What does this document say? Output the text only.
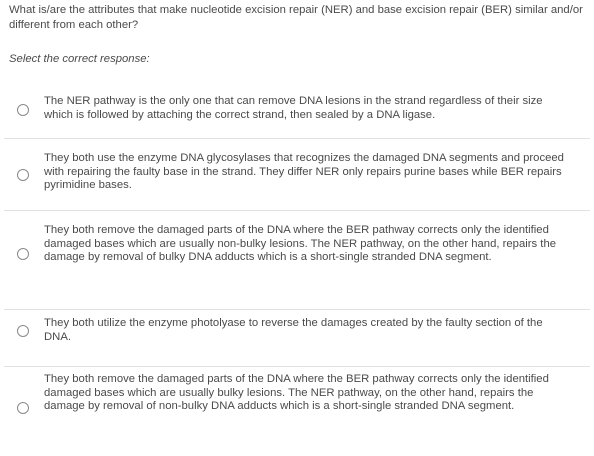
What is/are the attributes that make nucleotide excision repair (NER) and base excision repair (BER) similar and/or different from each other?
Select the correct response:
The NER pathway is the only one that can remove DNA lesions in the strand regardless of their size which is followed by attaching the correct strand, then sealed by a DNA ligase.
They both use the enzyme DNA glycosylases that recognizes the damaged DNA segments and proceed with repairing the faulty base in the strand. They differ NER only repairs purine bases while BER repairs pyrimidine bases.
They both remove the damaged parts of the DNA where the BER pathway corrects only the identified damaged bases which are usually non-bulky lesions. The NER pathway, on the other hand, repairs the damage by removal of bulky DNA adducts which is a short-single stranded DNA segment.
They both utilize the enzyme photolyase to reverse the damages created by the faulty section of the DNA.
They both remove the damaged parts of the DNA where the BER pathway corrects only the identified damaged bases which are usually bulky lesions. The NER pathway, on the other hand, repairs the damage by removal of non-bulky DNA adducts which is a short-single stranded DNA segment.
